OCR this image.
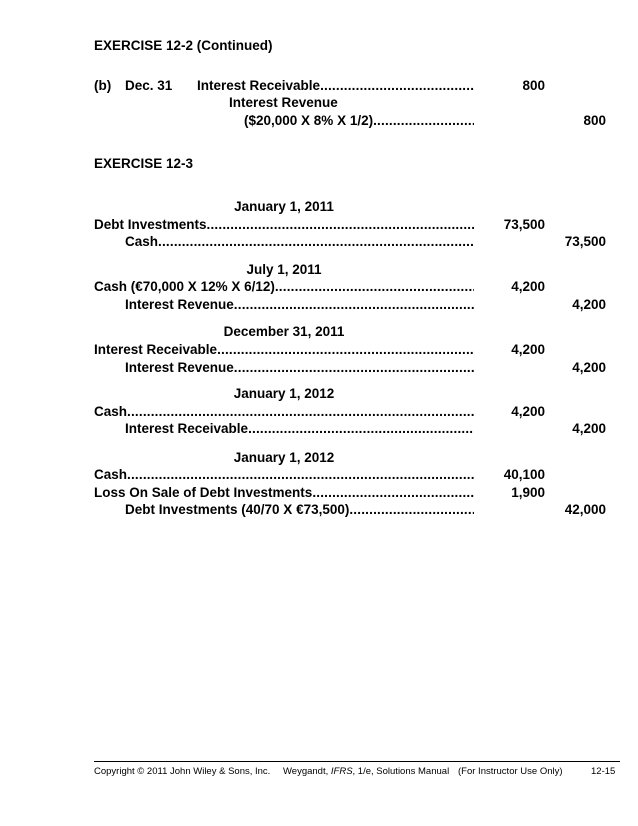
EXERCISE 12-2 (Continued)
(b) Dec. 31 Interest Receivable .....	800
Interest Revenue
($20,000 X 8% X 1/2) .....	800
EXERCISE 12-3
January 1, 2011
Debt Investments .....	73,500
Cash .....	73,500
July 1, 2011
Cash (€70,000 X 12% X 6/12) .....	4,200
Interest Revenue .....	4,200
December 31, 2011
Interest Receivable .....	4,200
Interest Revenue .....	4,200
January 1, 2012
Cash .....	4,200
Interest Receivable .....	4,200
January 1, 2012
Cash .....	40,100
Loss On Sale of Debt Investments .....	1,900
Debt Investments (40/70 X €73,500) .....	42,000
Copyright © 2011 John Wiley & Sons, Inc. Weygandt, IFRS, 1/e, Solutions Manual (For Instructor Use Only)	12-15
